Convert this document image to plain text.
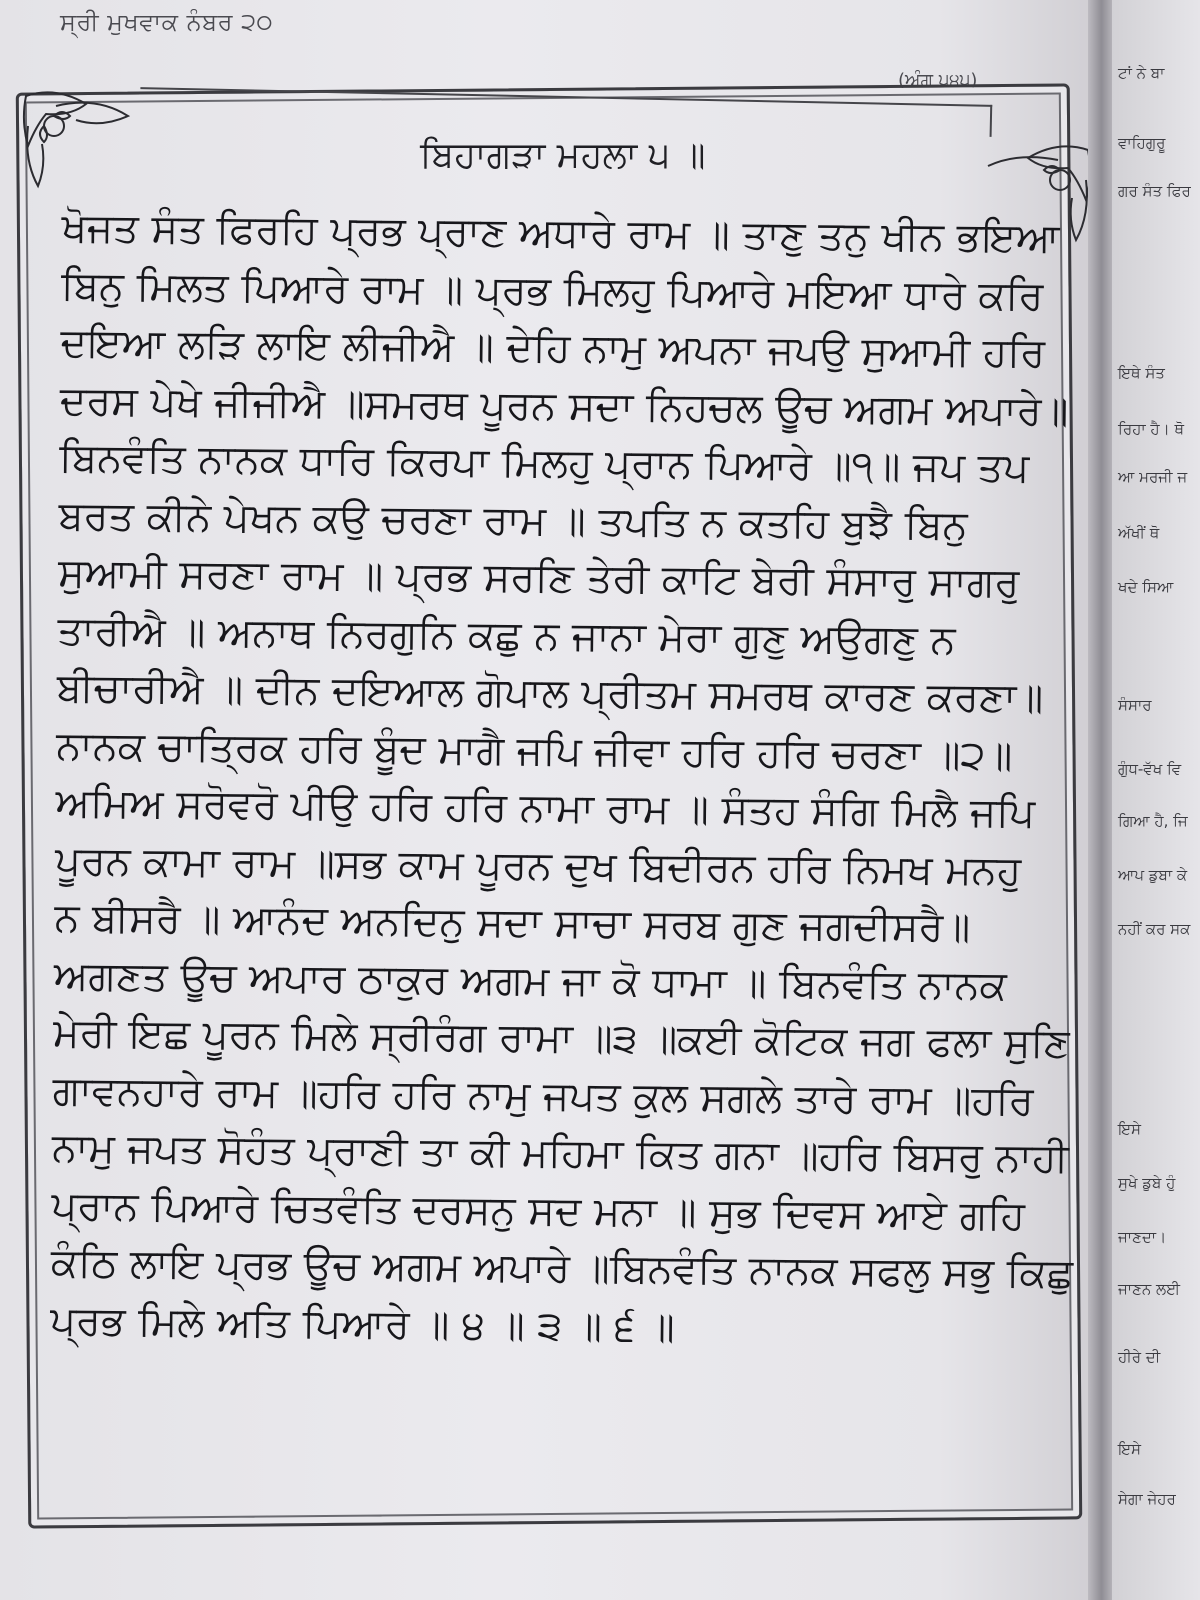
ਸ੍ਰੀ ਮੁਖਵਾਕ ਨੰਬਰ ੨੦
(ਅੰਗ ੫੪੫)
ਬਿਹਾਗੜਾ ਮਹਲਾ ੫ ॥
ਖੋਜਤ ਸੰਤ ਫਿਰਹਿ ਪ੍ਰਭ ਪ੍ਰਾਣ ਅਧਾਰੇ ਰਾਮ ॥ ਤਾਣੁ ਤਨੁ ਖੀਨ ਭਇਆ
ਬਿਨੁ ਮਿਲਤ ਪਿਆਰੇ ਰਾਮ ॥ ਪ੍ਰਭ ਮਿਲਹੁ ਪਿਆਰੇ ਮਇਆ ਧਾਰੇ ਕਰਿ
ਦਇਆ ਲੜਿ ਲਾਇ ਲੀਜੀਐ ॥ ਦੇਹਿ ਨਾਮੁ ਅਪਨਾ ਜਪਉ ਸੁਆਮੀ ਹਰਿ
ਦਰਸ ਪੇਖੇ ਜੀਜੀਐ ॥ਸਮਰਥ ਪੂਰਨ ਸਦਾ ਨਿਹਚਲ ਊਚ ਅਗਮ ਅਪਾਰੇ॥
ਬਿਨਵੰਤਿ ਨਾਨਕ ਧਾਰਿ ਕਿਰਪਾ ਮਿਲਹੁ ਪ੍ਰਾਨ ਪਿਆਰੇ ॥੧॥ ਜਪ ਤਪ
ਬਰਤ ਕੀਨੇ ਪੇਖਨ ਕਉ ਚਰਣਾ ਰਾਮ ॥ ਤਪਤਿ ਨ ਕਤਹਿ ਬੁਝੈ ਬਿਨੁ
ਸੁਆਮੀ ਸਰਣਾ ਰਾਮ ॥ ਪ੍ਰਭ ਸਰਣਿ ਤੇਰੀ ਕਾਟਿ ਬੇਰੀ ਸੰਸਾਰੁ ਸਾਗਰੁ
ਤਾਰੀਐ ॥ ਅਨਾਥ ਨਿਰਗੁਨਿ ਕਛੁ ਨ ਜਾਨਾ ਮੇਰਾ ਗੁਣੁ ਅਉਗਣੁ ਨ
ਬੀਚਾਰੀਐ ॥ ਦੀਨ ਦਇਆਲ ਗੋਪਾਲ ਪ੍ਰੀਤਮ ਸਮਰਥ ਕਾਰਣ ਕਰਣਾ॥
ਨਾਨਕ ਚਾਤ੍ਰਿਕ ਹਰਿ ਬੂੰਦ ਮਾਗੈ ਜਪਿ ਜੀਵਾ ਹਰਿ ਹਰਿ ਚਰਣਾ ॥੨॥
ਅਮਿਅ ਸਰੋਵਰੋ ਪੀਉ ਹਰਿ ਹਰਿ ਨਾਮਾ ਰਾਮ ॥ ਸੰਤਹ ਸੰਗਿ ਮਿਲੈ ਜਪਿ
ਪੂਰਨ ਕਾਮਾ ਰਾਮ ॥ਸਭ ਕਾਮ ਪੂਰਨ ਦੁਖ ਬਿਦੀਰਨ ਹਰਿ ਨਿਮਖ ਮਨਹੁ
ਨ ਬੀਸਰੈ ॥ ਆਨੰਦ ਅਨਦਿਨੁ ਸਦਾ ਸਾਚਾ ਸਰਬ ਗੁਣ ਜਗਦੀਸਰੈ॥
ਅਗਣਤ ਊਚ ਅਪਾਰ ਠਾਕੁਰ ਅਗਮ ਜਾ ਕੋ ਧਾਮਾ ॥ ਬਿਨਵੰਤਿ ਨਾਨਕ
ਮੇਰੀ ਇਛ ਪੂਰਨ ਮਿਲੇ ਸ੍ਰੀਰੰਗ ਰਾਮਾ ॥੩ ॥ਕਈ ਕੋਟਿਕ ਜਗ ਫਲਾ ਸੁਣਿ
ਗਾਵਨਹਾਰੇ ਰਾਮ ॥ਹਰਿ ਹਰਿ ਨਾਮੁ ਜਪਤ ਕੁਲ ਸਗਲੇ ਤਾਰੇ ਰਾਮ ॥ਹਰਿ
ਨਾਮੁ ਜਪਤ ਸੋਹੰਤ ਪ੍ਰਾਣੀ ਤਾ ਕੀ ਮਹਿਮਾ ਕਿਤ ਗਨਾ ॥ਹਰਿ ਬਿਸਰੁ ਨਾਹੀ
ਪ੍ਰਾਨ ਪਿਆਰੇ ਚਿਤਵੰਤਿ ਦਰਸਨੁ ਸਦ ਮਨਾ ॥ ਸੁਭ ਦਿਵਸ ਆਏ ਗਹਿ
ਕੰਠਿ ਲਾਇ ਪ੍ਰਭ ਊਚ ਅਗਮ ਅਪਾਰੇ ॥ਬਿਨਵੰਤਿ ਨਾਨਕ ਸਫਲੁ ਸਭੁ ਕਿਛੁ
ਪ੍ਰਭ ਮਿਲੇ ਅਤਿ ਪਿਆਰੇ ॥ ੪ ॥ ੩ ॥ ੬ ॥
ਟਾਂ ਨੇ ਬਾ
ਵਾਹਿਗੁਰੂ
ਗਰ ਸੰਤ ਫਿਰ
ਇਥੇ ਸੰਤ
ਰਿਹਾ ਹੈ। ਥੋ
ਆ ਮਰਜੀ ਜ
ਅੱਖੀਂ ਥੋ
ਖਦੇ ਸਿਆ
ਸੰਸਾਰ
ਗੁੰਧ-ਵੱਖ ਵਿ
ਗਿਆ ਹੈ, ਜਿ
ਆਪ ਡੁਬਾ ਕੇ
ਨਹੀਂ ਕਰ ਸਕ
ਇਸੇ
ਸੁਖੇ ਡੁਬੇ ਹੁੰ
ਜਾਣਦਾ।
ਜਾਣਨ ਲਈ
ਹੀਰੇ ਦੀ
ਇਸੇ
ਸੇਗਾ ਜੇਹਰ
